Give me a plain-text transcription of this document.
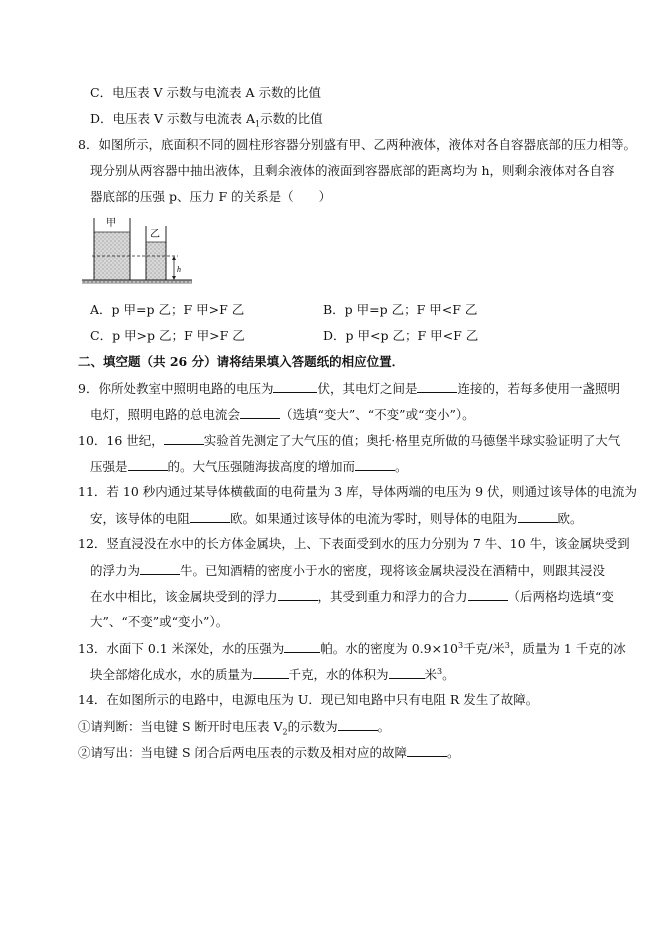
C．电压表 V 示数与电流表 A 示数的比值
D．电压表 V 示数与电流表 $A_1$示数的比值
8．如图所示，底面积不同的圆柱形容器分别盛有甲、乙两种液体，液体对各自容器底部的压力相等。
现分别从两容器中抽出液体，且剩余液体的液面到容器底部的距离均为 h，则剩余液体对各自容
器底部的压强 p、压力 F 的关系是（　　）
h
甲
乙
A．p 甲=p 乙；F 甲>F 乙	B．p 甲=p 乙；F 甲<F 乙
C．p 甲>p 乙；F 甲>F 乙	D．p 甲<p 乙；F 甲<F 乙
二、填空题（共 26 分）请将结果填入答题纸的相应位置．
9．你所处教室中照明电路的电压为	伏，其电灯之间是	连接的，若每多使用一盏照明
电灯，照明电路的总电流会	（选填“变大”、“不变”或“变小”）。
10．16 世纪，	实验首先测定了大气压的值；奥托·格里克所做的马德堡半球实验证明了大气
压强是	的。大气压强随海拔高度的增加而	。
11．若 10 秒内通过某导体横截面的电荷量为 3 库，导体两端的电压为 9 伏，则通过该导体的电流为
安，该导体的电阻	欧。如果通过该导体的电流为零时，则导体的电阻为	欧。
12．竖直浸没在水中的长方体金属块，上、下表面受到水的压力分别为 7 牛、10 牛，该金属块受到
的浮力为	牛。已知酒精的密度小于水的密度，现将该金属块浸没在酒精中，则跟其浸没
在水中相比，该金属块受到的浮力	，其受到重力和浮力的合力	（后两格均选填“变
大”、“不变”或“变小”）。
13．水面下 0.1 米深处，水的压强为	帕。水的密度为 $0.9\times 10^3$千克/米$^3$，质量为 1 千克的冰
块全部熔化成水，水的质量为	千克，水的体积为	米$^3$。
14．在如图所示的电路中，电源电压为 U．现已知电路中只有电阻 R 发生了故障。
①请判断：当电键 S 断开时电压表 $V_2$的示数为	。
②请写出：当电键 S 闭合后两电压表的示数及相对应的故障	。
